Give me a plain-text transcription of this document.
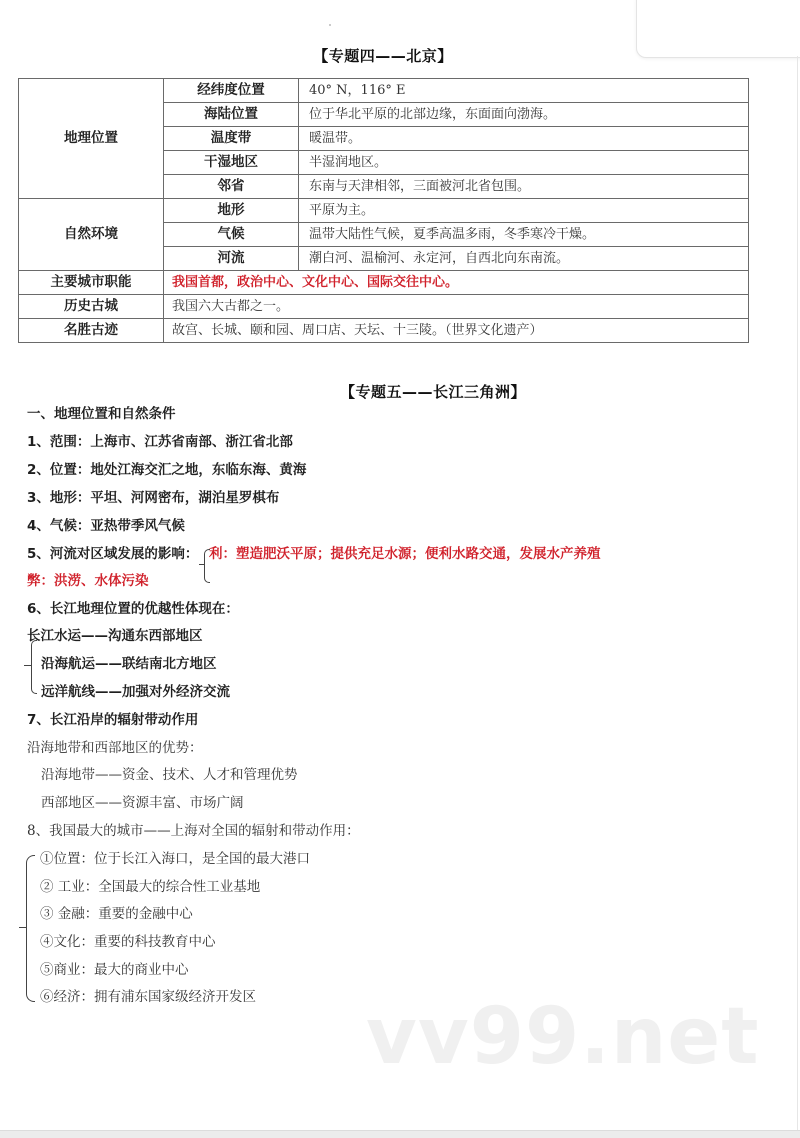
【专题四——北京】
地理位置	经纬度位置	40° N，116° E
	海陆位置	位于华北平原的北部边缘，东面面向渤海。
	温度带	暖温带。
	干湿地区	半湿润地区。
	邻省	东南与天津相邻，三面被河北省包围。
自然环境	地形	平原为主。
	气候	温带大陆性气候，夏季高温多雨，冬季寒冷干燥。
	河流	潮白河、温榆河、永定河，自西北向东南流。
主要城市职能	我国首都，政治中心、文化中心、国际交往中心。	
历史古城	我国六大古都之一。	
名胜古迹	故宫、长城、颐和园、周口店、天坛、十三陵。（世界文化遗产）	
【专题五——长江三角洲】
一、地理位置和自然条件
1、范围：上海市、江苏省南部、浙江省北部
2、位置：地处江海交汇之地，东临东海、黄海
3、地形：平坦、河网密布，湖泊星罗棋布
4、气候：亚热带季风气候
5、河流对区域发展的影响： 利：塑造肥沃平原；提供充足水源；便利水路交通，发展水产养殖
弊：洪涝、水体污染
6、长江地理位置的优越性体现在：
长江水运——沟通东西部地区
沿海航运——联结南北方地区
远洋航线——加强对外经济交流
7、长江沿岸的辐射带动作用
沿海地带和西部地区的优势：
沿海地带——资金、技术、人才和管理优势
西部地区——资源丰富、市场广阔
8、我国最大的城市——上海对全国的辐射和带动作用：
①位置：位于长江入海口，是全国的最大港口
② 工业：全国最大的综合性工业基地
③ 金融：重要的金融中心
④文化：重要的科技教育中心
⑤商业：最大的商业中心
⑥经济：拥有浦东国家级经济开发区 vv99.net
